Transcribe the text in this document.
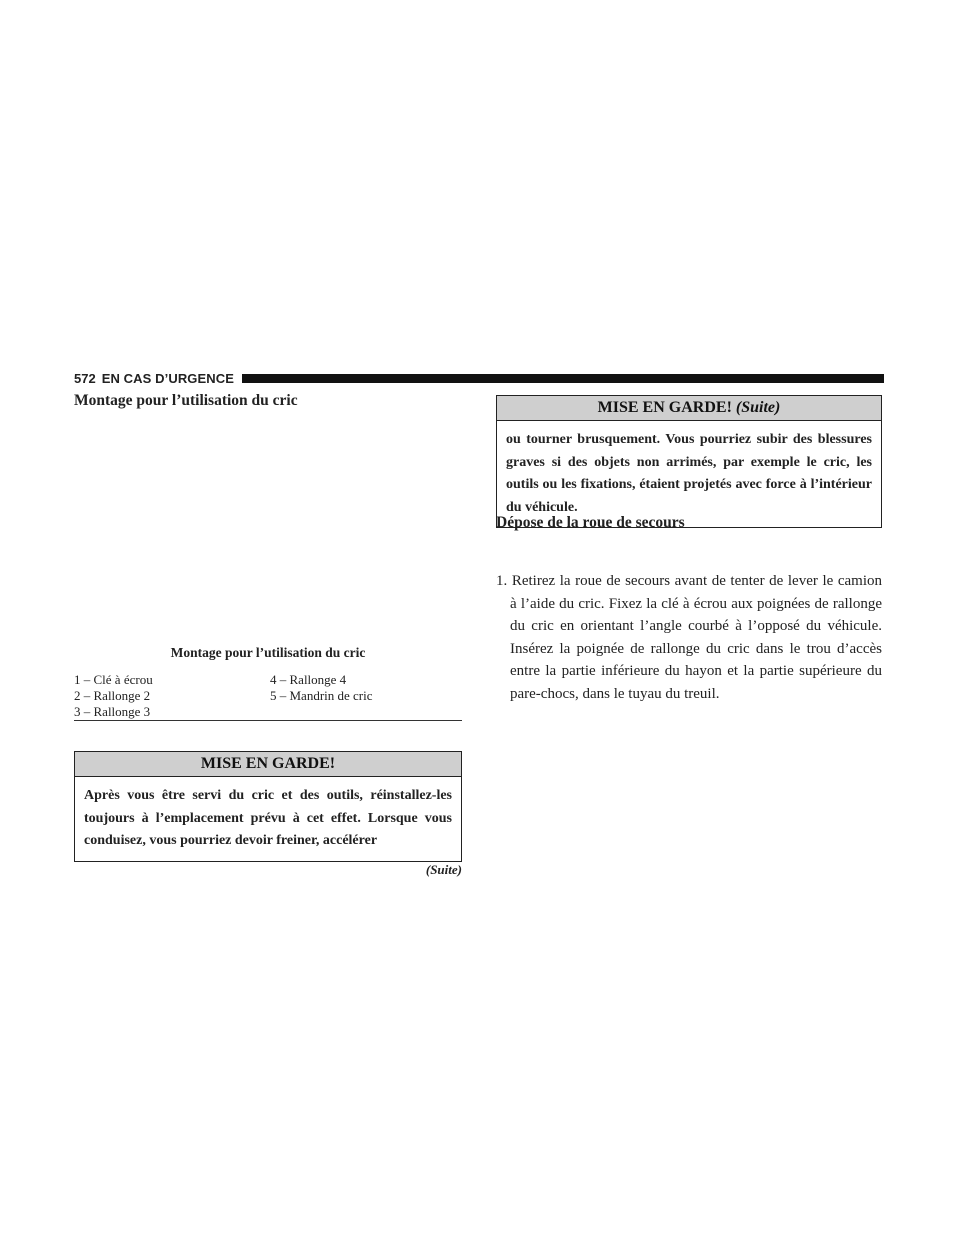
572 EN CAS D’URGENCE
Montage pour l’utilisation du cric
Montage pour l’utilisation du cric
1 – Clé à écrou	4 – Rallonge 4
2 – Rallonge 2	5 – Mandrin de cric
3 – Rallonge 3
MISE EN GARDE!
Après vous être servi du cric et des outils, réinstallez-les toujours à l’emplacement prévu à cet effet. Lorsque vous conduisez, vous pourriez devoir freiner, accélérer
(Suite)
MISE EN GARDE! (Suite)
ou tourner brusquement. Vous pourriez subir des blessures graves si des objets non arrimés, par exemple le cric, les outils ou les fixations, étaient projetés avec force à l’intérieur du véhicule.
Dépose de la roue de secours
1. Retirez la roue de secours avant de tenter de lever le camion à l’aide du cric. Fixez la clé à écrou aux poignées de rallonge du cric en orientant l’angle courbé à l’opposé du véhicule. Insérez la poignée de rallonge du cric dans le trou d’accès entre la partie inférieure du hayon et la partie supérieure du pare-chocs, dans le tuyau du treuil.
